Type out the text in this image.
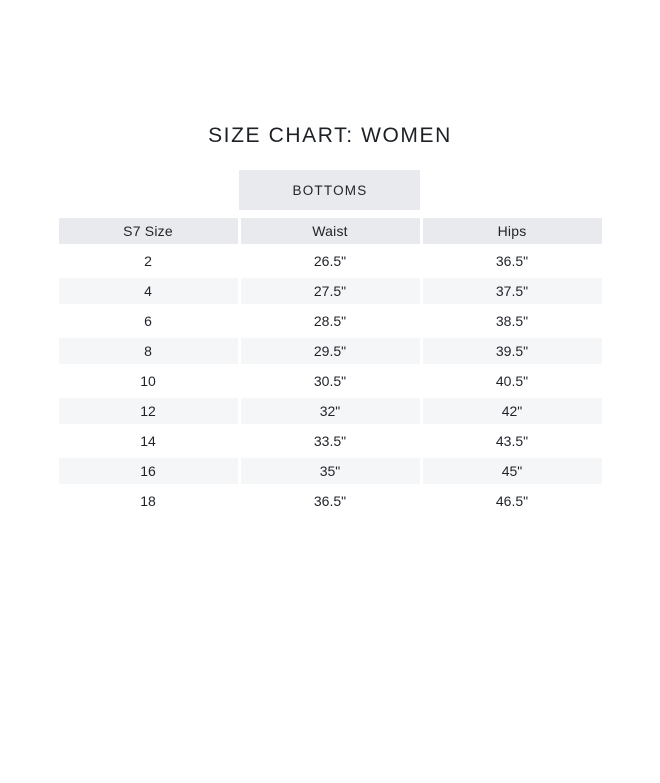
SIZE CHART: WOMEN
BOTTOMS
S7 Size	Waist	Hips
2	26.5"	36.5"
4	27.5"	37.5"
6	28.5"	38.5"
8	29.5"	39.5"
10	30.5"	40.5"
12	32"	42"
14	33.5"	43.5"
16	35"	45"
18	36.5"	46.5"
